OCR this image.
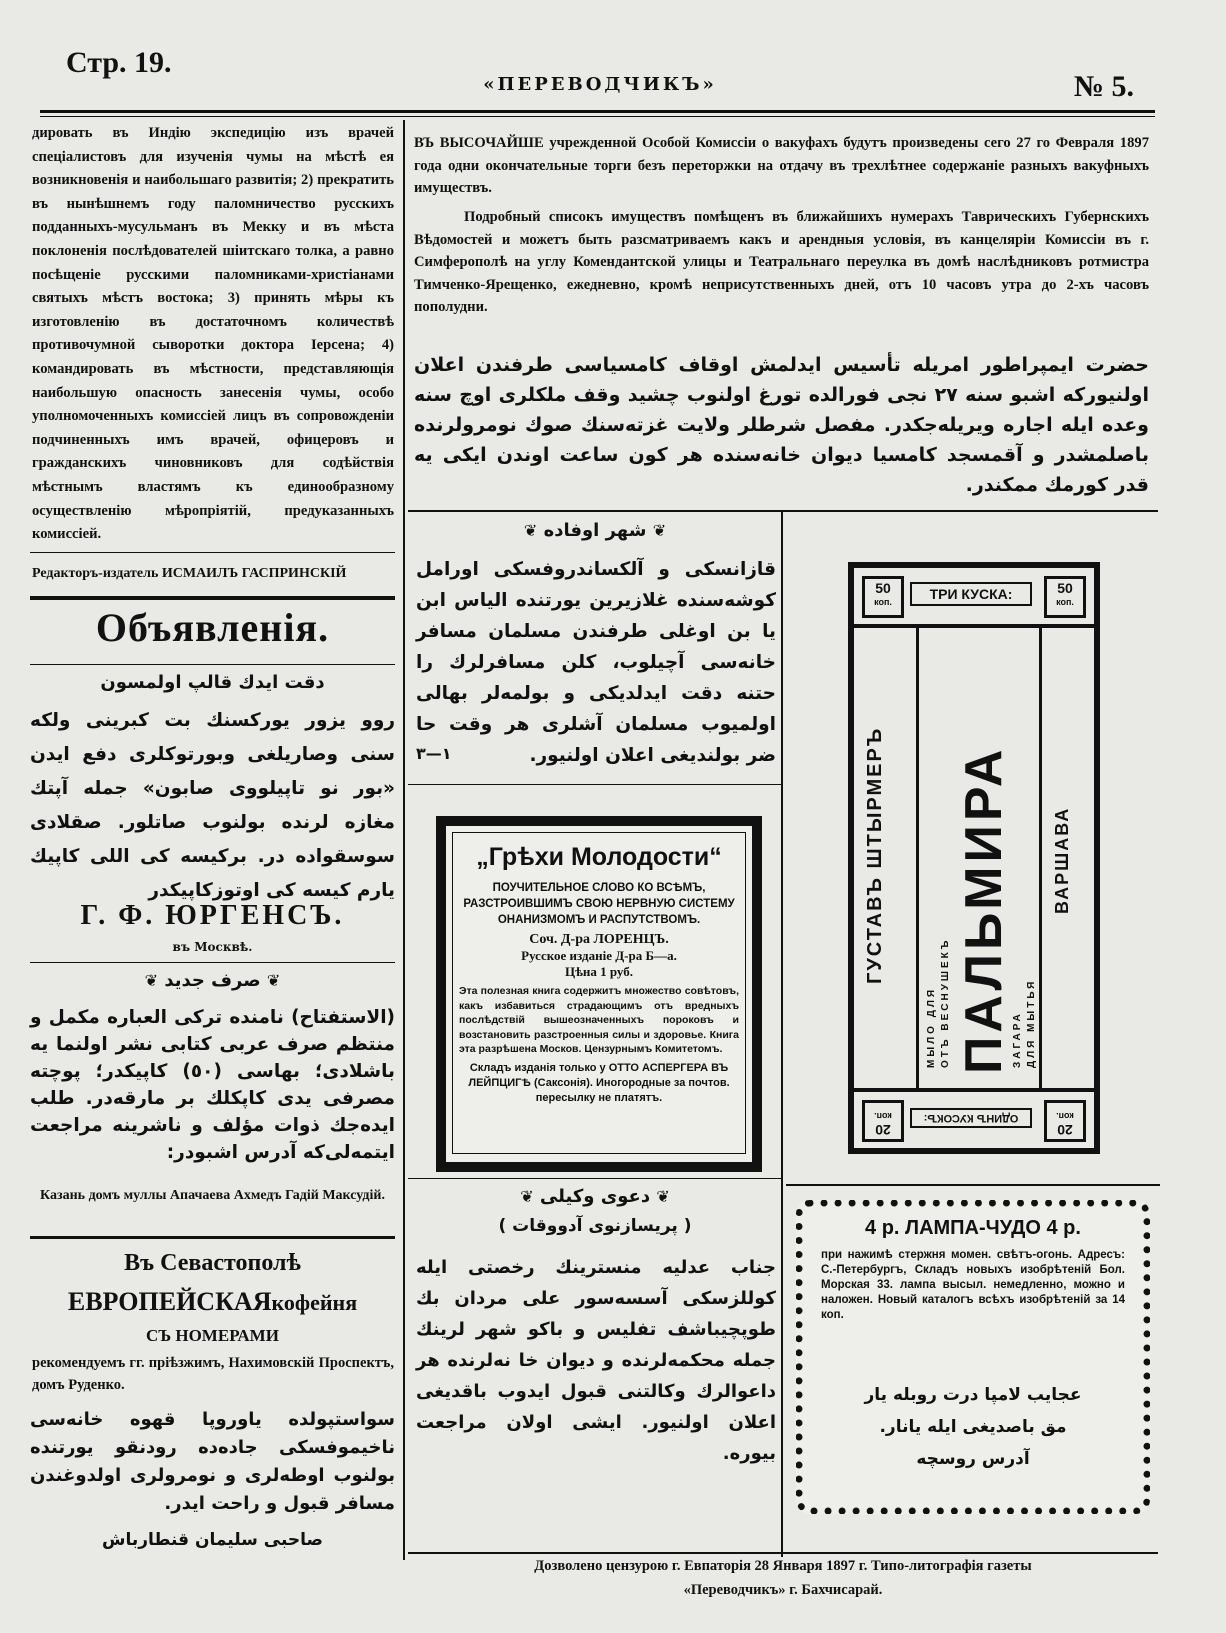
Стр. 19.
«ПЕРЕВОДЧИКЪ»	№ 5.
дировать въ Индію экспедицію изъ врачей спеціалистовъ для изученія чумы на мѣстѣ ея возникновенія и наибольшаго развитія; 2) прекратить въ нынѣшнемъ году паломничество русскихъ подданныхъ-мусульманъ въ Мекку и въ мѣста поклоненія послѣдователей шіитскаго толка, а равно посѣщеніе русскими паломниками-христіанами святыхъ мѣстъ востока; 3) принять мѣры къ изготовленію въ достаточномъ количествѣ противочумной сыворотки доктора Іерсена; 4) командировать въ мѣстности, представляющія наибольшую опасность занесенія чумы, особо уполномоченныхъ комиссіей лицъ въ сопровожденіи подчиненныхъ имъ врачей, офицеровъ и гражданскихъ чиновниковъ для содѣйствія мѣстнымъ властямъ къ единообразному осуществленію мѣропріятій, предуказанныхъ комиссіей.
Редакторъ-издатель ИСМАИЛЪ ГАСПРИНСКІЙ
Объявленія.
دقت ايدك قالپ اولمسون
روو يزور يورکسنك بت کبرينى ولکه سنى وصاريلغى وبورتوكلرى دفع ايدن «بور نو تاپيلووى صابون» جمله آپتك مغازه لرنده بولنوب صاتلور. صقلادى سوسقواده در. برکيسه كى اللى كاپيك يارم كيسه كى اوتوزكاپيكدر
Г. Ф. ЮРГЕНСЪ.
въ Москвѣ.
❦ صرف جديد ❦
(الاستفتاح) نامنده تركى العباره مكمل و منتظم صرف عربى كتابى نشر اولنما يه باشلادى؛ بهاسى (٥٠) كاپيكدر؛ پوچته مصرفى يدى كاپكلك بر مارقه‌در. طلب ايده‌جك ذوات مؤلف و ناشرينه مراجعت ايتمه‌لى‌كه آدرس اشبودر:
Казань домъ муллы Апачаева Ахмедъ Гадій Максудій.
Въ Севастополѣ
ЕВРОПЕЙСКАЯкофейня
СЪ НОМЕРАМИ
рекомендуемъ гг. пріѣзжимъ, Нахимовскій Проспектъ, домъ Руденко.
سواستپولده ياوروپا قهوه خانه‌سى ناخيموفسكى جاده‌ده رودنقو يورتنده بولنوب اوطه‌لرى و نومرولرى اولدوغندن مسافر قبول و راحت ايدر.
صاحبى سليمان قنطارباش
ВЪ ВЫСОЧАЙШЕ учрежденной Особой Комиссіи о вакуфахъ будутъ произведены сего 27 го Февраля 1897 года одни окончательные торги безъ переторжки на отдачу въ трехлѣтнее содержаніе разныхъ вакуфныхъ имуществъ.
Подробный списокъ имуществъ помѣщенъ въ ближайшихъ нумерахъ Таврическихъ Губернскихъ Вѣдомостей и можетъ быть разсматриваемъ какъ и арендныя условія, въ канцеляріи Комиссіи въ г. Симферополѣ на углу Комендантской улицы и Театральнаго переулка въ домѣ наслѣдниковъ ротмистра Тимченко-Ярещенко, ежедневно, кромѣ неприсутственныхъ дней, отъ 10 часовъ утра до 2-хъ часовъ пополудни.
حضرت ايمپراطور امريله تأسيس ايدلمش اوقاف كامسياسى طرفندن اعلان اولنيوركه اشبو سنه ٢٧ نجى فورالده تورغ اولنوب چشيد وقف ملكلرى اوچ سنه وعده ايله اجاره ويريله‌جكدر. مفصل شرطلر ولايت غزته‌سنك صوك نومرولرنده باصلمشدر و آقمسجد كامسيا ديوان خانه‌سنده هر كون ساعت اوندن ايكى يه قدر كورمك ممكندر.
❦ شهر اوفاده ❦
قازانسكى و آلكساندروفسكى اورامل كوشه‌سنده غلازيرين يورتنده الياس ابن يا بن اوغلى طرفندن مسلمان مسافر خانه‌سى آچيلوب، كلن مسافرلرك را حتنه دقت ايدلديكى و بولمه‌لر بهالى اولميوب مسلمان آشلرى هر وقت حا ضر بولنديغى اعلان اولنيور.
١—٣
„Грѣхи Молодости“
ПОУЧИТЕЛЬНОЕ СЛОВО КО ВСѢМЪ, РАЗСТРОИВШИМЪ СВОЮ НЕРВНУЮ СИСТЕМУ ОНАНИЗМОМЪ И РАСПУТСТВОМЪ.
Соч. Д-ра ЛОРЕНЦЪ.
Русское изданіе Д-ра Б—а.
Цѣна 1 руб.
Эта полезная книга содержитъ множество совѣтовъ, какъ избавиться страдающимъ отъ вредныхъ послѣдствій вышеозначенныхъ пороковъ и возстановить разстроенныя силы и здоровье. Книга эта разрѣшена Москов. Цензурнымъ Комитетомъ.
Складъ изданія только у ОТТО АСПЕРГЕРА ВЪ ЛЕЙПЦИГѢ (Саксонія). Иногородные за почтов. пересылку не платятъ.
❦ دعوى وكيلى ❦
( پريسازنوى آدووقات )
جناب عدليه منسترينك رخصتى ايله كوللزسكى آسسه‌سور على مردان بك طوپچيباشف تفليس و باكو شهر لرينك جمله محكمه‌لرنده و ديوان خا نه‌لرنده هر داعوالرك وكالتنى قبول ايدوب باقديغى اعلان اولنيور. ايشى اولان مراجعت بيوره.
50
коп.	ТРИ КУСКА:	50
коп.
ГУСТАВЪ ШТЫРМЕРЪ	ВАРШАВА
ПАЛЬМИРА
МЫЛО ДЛЯ ОТЪ ВЕСНУШЕКЪ	ЗАГАРА ДЛЯ МЫТЬЯ
20
коп.	ОДИНЪ КУСОКЪ:
20
коп.
4 р. ЛАМПА-ЧУДО 4 р.
при нажимѣ стержня момен. свѣтъ-огонь. Адресъ: С.-Петербургъ, Складъ новыхъ изобрѣтеній Бол. Морская 33. лампа высыл. немедленно, можно и наложен. Новый каталогъ всѣхъ изобрѣтеній за 14 коп.
عجايب لامپا درت روبله يار
مق باصديغى ايله يانار.
آدرس روسچه
Дозволено цензурою г. Евпаторія 28 Января 1897 г. Типо-литографія газеты
«Переводчикъ» г. Бахчисарай.
